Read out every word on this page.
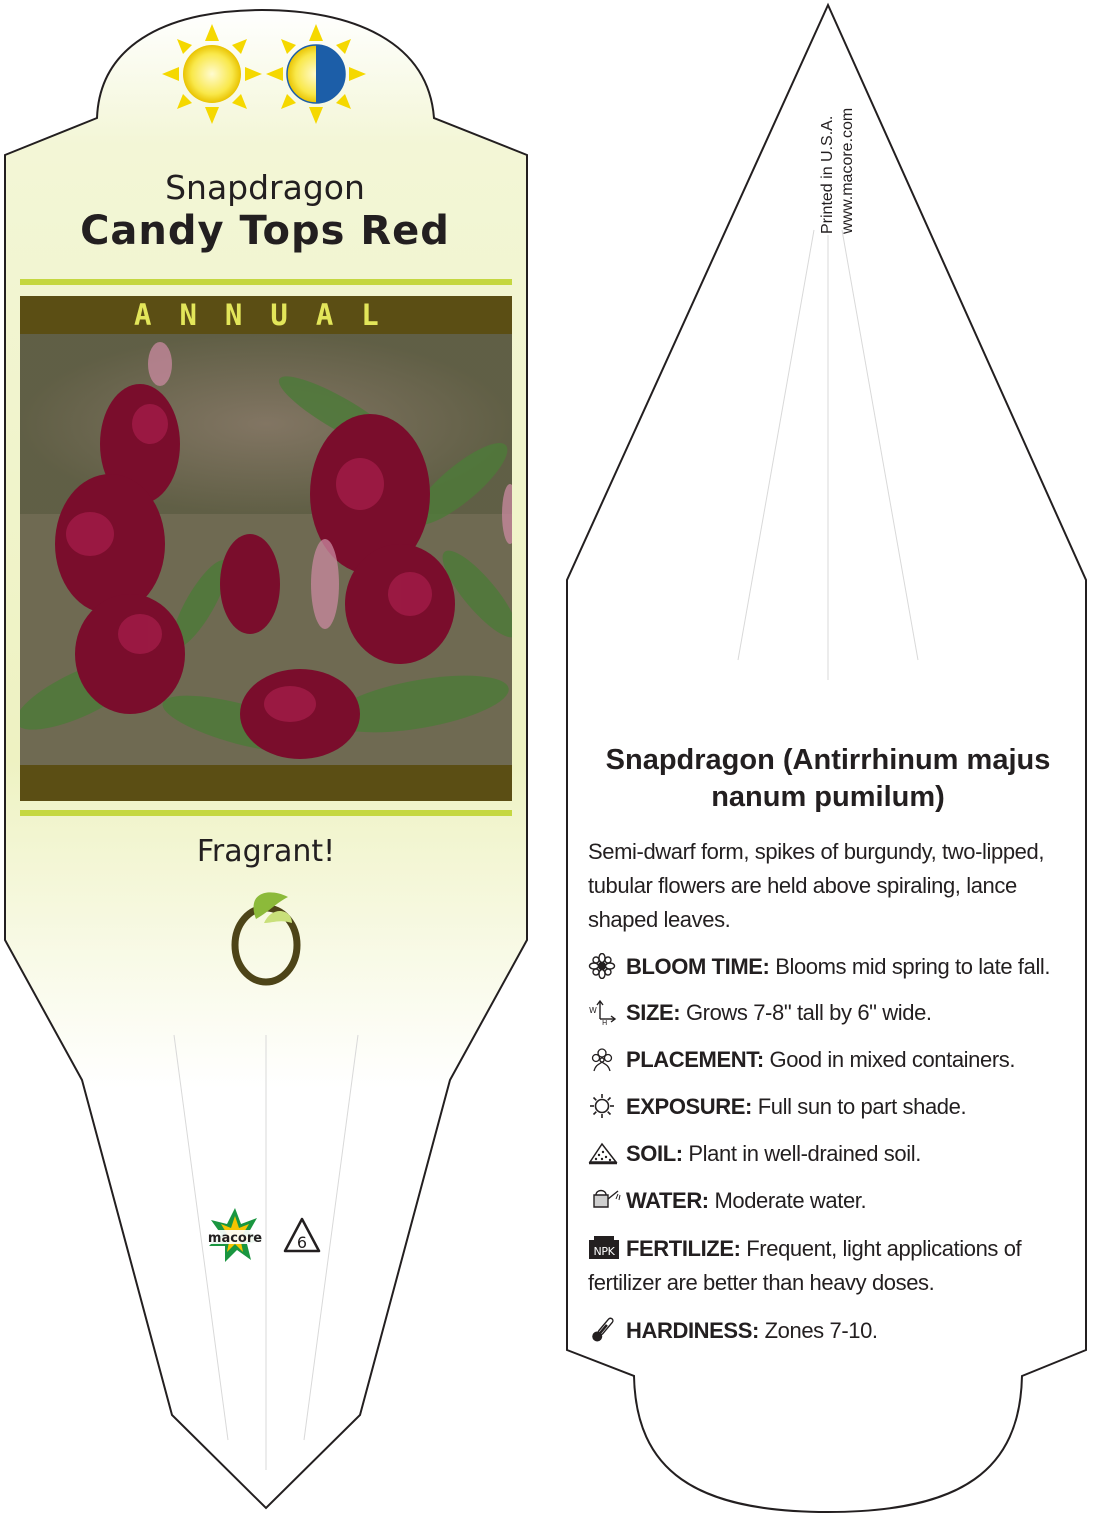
Snapdragon
Candy Tops Red
ANNUAL
Fragrant!
macore 6
Printed in U.S.A. www.macore.com
Snapdragon (Antirrhinum majus nanum pumilum)
Semi-dwarf form, spikes of burgundy, two-lipped, tubular flowers are held above spiraling, lance shaped leaves.
BLOOM TIME: Blooms mid spring to late fall.
W
H SIZE: Grows 7-8" tall by 6" wide.
PLACEMENT: Good in mixed containers.
EXPOSURE: Full sun to part shade.
SOIL: Plant in well-drained soil.
WATER: Moderate water.
NPK FERTILIZE: Frequent, light applications of fertilizer are better than heavy doses.
HARDINESS: Zones 7-10.
